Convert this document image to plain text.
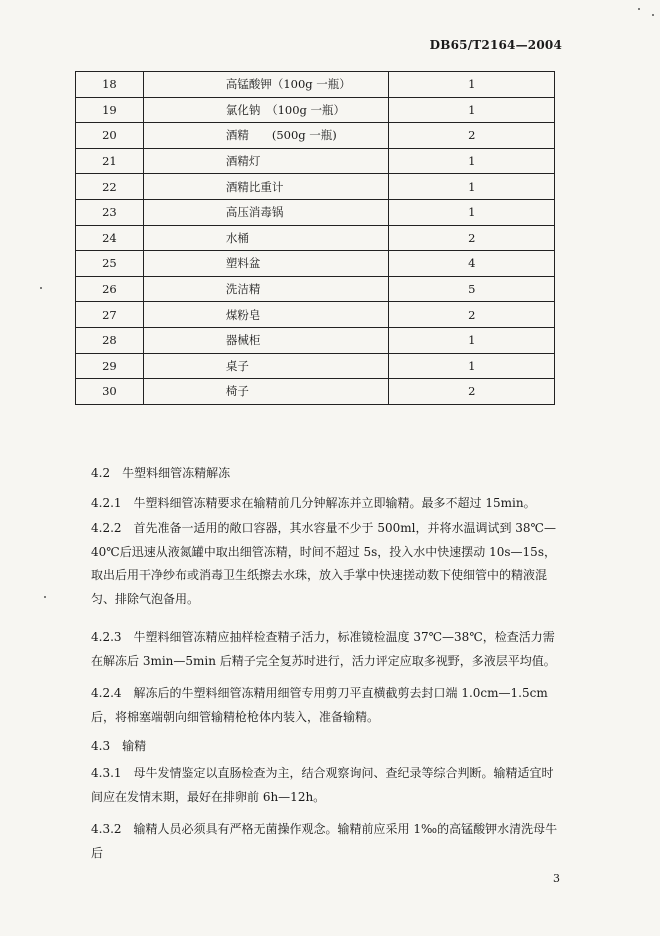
DB65/T2164—2004
18	高锰酸钾（100g 一瓶）	1
19	氯化钠　（100g 一瓶）	1
20	酒精　　(500g 一瓶)	2
21	酒精灯	1
22	酒精比重计	1
23	高压消毒锅	1
24	水桶	2
25	塑料盆	4
26	洗洁精	5
27	煤粉皂	2
28	器械柜	1
29	桌子	1
30	椅子	2
4.2　牛塑料细管冻精解冻
4.2.1　牛塑料细管冻精要求在输精前几分钟解冻并立即输精。最多不超过 15min。
4.2.2　首先准备一适用的敞口容器，其水容量不少于 500ml，并将水温调试到 38℃—40℃后迅速从液氮罐中取出细管冻精，时间不超过 5s，投入水中快速摆动 10s—15s，取出后用干净纱布或消毒卫生纸擦去水珠，放入手掌中快速搓动数下使细管中的精液混匀、排除气泡备用。
4.2.3　牛塑料细管冻精应抽样检查精子活力，标准镜检温度 37℃—38℃，检查活力需在解冻后 3min—5min 后精子完全复苏时进行，活力评定应取多视野，多液层平均值。
4.2.4　解冻后的牛塑料细管冻精用细管专用剪刀平直横截剪去封口端 1.0cm—1.5cm 后，将棉塞端朝向细管输精枪枪体内装入，准备输精。
4.3　输精
4.3.1　母牛发情鉴定以直肠检查为主，结合观察询问、查纪录等综合判断。输精适宜时间应在发情末期，最好在排卵前 6h—12h。
4.3.2　输精人员必须具有严格无菌操作观念。输精前应采用 1‰的高锰酸钾水清洗母牛后
3
